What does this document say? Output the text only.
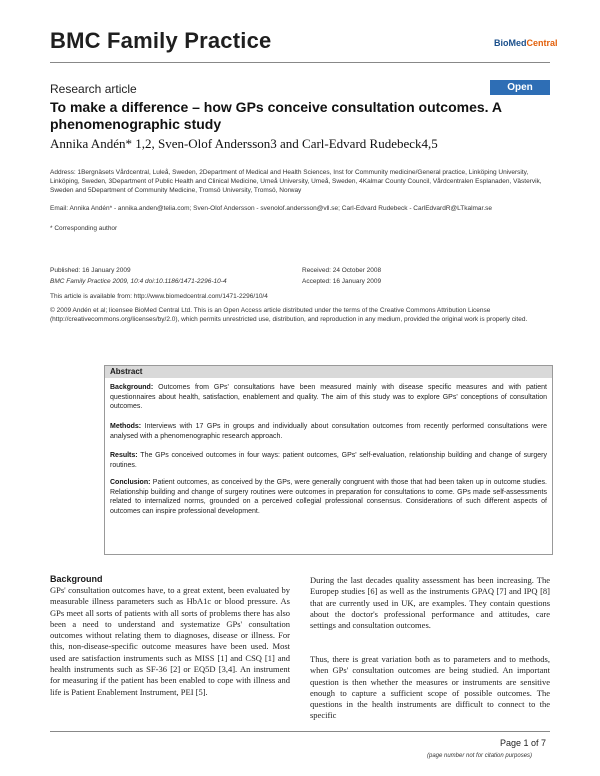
BMC Family Practice	BioMedCentral
Research article	Open Access
To make a difference – how GPs conceive consultation outcomes. A phenomenographic study
Annika Andén* 1,2, Sven-Olof Andersson3 and Carl-Edvard Rudebeck4,5
Address: 1Bergnäsets Vårdcentral, Luleå, Sweden, 2Department of Medical and Health Sciences, Inst for Community medicine/General practice, Linköping University, Linköping, Sweden, 3Department of Public Health and Clinical Medicine, Umeå University, Umeå, Sweden, 4Kalmar County Council, Vårdcentralen Esplanaden, Västervik, Sweden and 5Department of Community Medicine, Tromsö University, Tromsö, Norway
Email: Annika Andén* - annika.anden@telia.com; Sven-Olof Andersson - svenolof.andersson@vll.se; Carl-Edvard Rudebeck - CarlEdvardR@LTkalmar.se
* Corresponding author
Published: 16 January 2009
BMC Family Practice 2009, 10:4 doi:10.1186/1471-2296-10-4
This article is available from: http://www.biomedcentral.com/1471-2296/10/4
Received: 24 October 2008
Accepted: 16 January 2009
© 2009 Andén et al; licensee BioMed Central Ltd. This is an Open Access article distributed under the terms of the Creative Commons Attribution License (http://creativecommons.org/licenses/by/2.0), which permits unrestricted use, distribution, and reproduction in any medium, provided the original work is properly cited.
Abstract
Background: Outcomes from GPs' consultations have been measured mainly with disease specific measures and with patient questionnaires about health, satisfaction, enablement and quality. The aim of this study was to explore GPs' conceptions of consultation outcomes.
Methods: Interviews with 17 GPs in groups and individually about consultation outcomes from recently performed consultations were analysed with a phenomenographic research approach.
Results: The GPs conceived outcomes in four ways: patient outcomes, GPs' self-evaluation, relationship building and change of surgery routines.
Conclusion: Patient outcomes, as conceived by the GPs, were generally congruent with those that had been taken up in outcome studies. Relationship building and change of surgery routines were outcomes in preparation for consultations to come. GPs made self-assessments related to internalized norms, grounded on a perceived collegial professional consensus. Considerations of such different aspects of outcomes can inspire professional development.
Background
GPs' consultation outcomes have, to a great extent, been evaluated by measurable illness parameters such as HbA1c or blood pressure. As GPs meet all sorts of patients with all sorts of problems there has also been a need to understand and systematize GPs' consultation outcomes without relating them to diagnoses, disease or illness. For this, non-disease-specific outcome measures have been used. Most used are satisfaction instruments such as MISS [1] and CSQ [1] and health instruments such as SF-36 [2] or EQ5D [3,4]. An instrument for measuring if the patient has been enabled to cope with illness and life is Patient Enablement Instrument, PEI [5].
During the last decades quality assessment has been increasing. The Europep studies [6] as well as the instruments GPAQ [7] and IPQ [8] that are currently used in UK, are examples. They contain questions about the doctor's professional performance and attitudes, care settings and consultation outcomes.
Thus, there is great variation both as to parameters and to methods, when GPs' consultation outcomes are being studied. An important question is then whether the measures or instruments are sensitive enough to capture a sufficient scope of possible outcomes. The questions in the health instruments are difficult to connect to the specific
Page 1 of 7
(page number not for citation purposes)
